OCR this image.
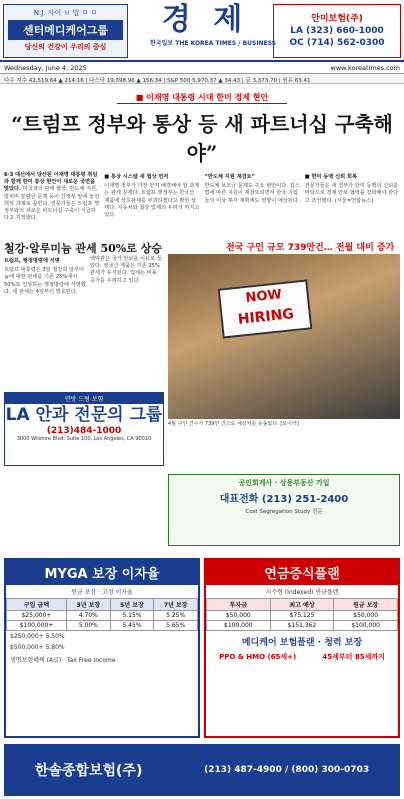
N.J. 사이 ㅂ 법 ㅁ ㅁ
센터메디케어그룹
당신의 건강이 우리의 중심
경 제
한국일보 THE KOREA TIMES / BUSINESS
안미보험(주)
LA (323) 660-1000
OC (714) 562-0300
Wednesday, June 4, 2025	www.koreatimes.com
다우 지수 42,519.64 ▲ 214.16 | 나스닥 19,398.96 ▲ 156.34 | S&P 500 5,970.37 ▲ 34.43 | 금 3,373.70 | 원유 63.41
■ 이재명 대통령 시대 한미 경제 현안
“트럼프 정부와 통상 등 새 파트너십 구축해야”
6·3 대선에서 당선된 이재명 대통령 취임과 함께 한미 통상 현안이 새로운 국면을 맞았다. 미국과의 관세 협상, 반도체 지원, 방위비 분담금 문제 등이 신정부 앞에 놓인 핵심 과제로 꼽힌다. 전문가들은 트럼프 행정부와의 새로운 파트너십 구축이 시급하다고 지적했다.
■ 통상 시스템 새 협상 먼저
이재명 정부가 가장 먼저 해결해야 할 과제는 관세 문제다. 트럼프 행정부는 한국산 제품에 상호관세를 부과하겠다고 밝힌 상태다. 자동차와 철강 업계의 우려가 커지고 있다.
“반도체 지원 재검토”
반도체 보조금 문제도 주요 현안이다. 칩스법에 따른 지원이 재검토되면서 한국 기업들의 미국 투자 계획에도 영향이 예상된다.
■ 한미 동맹 신뢰 회복
전문가들은 새 정부가 한미 동맹의 신뢰를 바탕으로 경제 안보 협력을 강화해야 한다고 조언했다. (서울=연합뉴스)
철강·알루미늄 관세 50%로 상승	전국 구인 규모 739만건… 전월 대비 증가
트럼프, 행정명령에 서명
트럼프 대통령은 3일 철강과 알루미늄에 대한 관세를 기존 25%에서 50%로 인상하는 행정명령에 서명했다. 새 관세는 4일부터 발효된다.
백악관은 국가 안보를 이유로 들었다. 영국산 제품은 기존 25% 관세가 유지된다. 업계는 비용 증가를 우려하고 있다.
NOW
HIRING
4월 구인 건수가 739만 건으로 예상치를 웃돌았다. [로이터]
연방 드림 보험
LA 안과 전문의 그룹
(213)484-1000
3000 Wilshire Blvd. Suite 100, Los Angeles, CA 90010
공인회계사 · 상용부동산 가입
대표전화 (213) 251-2400
Cost Segregation Study 전문
MYGA 보장 이자율
원금 보장 · 고정 이자율
구입 금액	3년 보장	5년 보장	7년 보장
$25,000+	4.70%	5.15%	5.25%
$100,000+	5.00%	5.45%	5.65%
$250,000+ 5.50%
$500,000+ 5.80%
생명보험혜택 (A급) · Tax Free Income
연금증식플랜
지수형 (Indexed) 연금플랜
투자금	최고 예상	원금 보장
$50,000	$75,125	$50,000
$100,000	$151,362	$100,000
메디케어 보험플랜 · 청력 보장
PPO & HMO (65세+)	45세부터 85세까지
한솔종합보험(주)	(213) 487-4900 / (800) 300-0703
